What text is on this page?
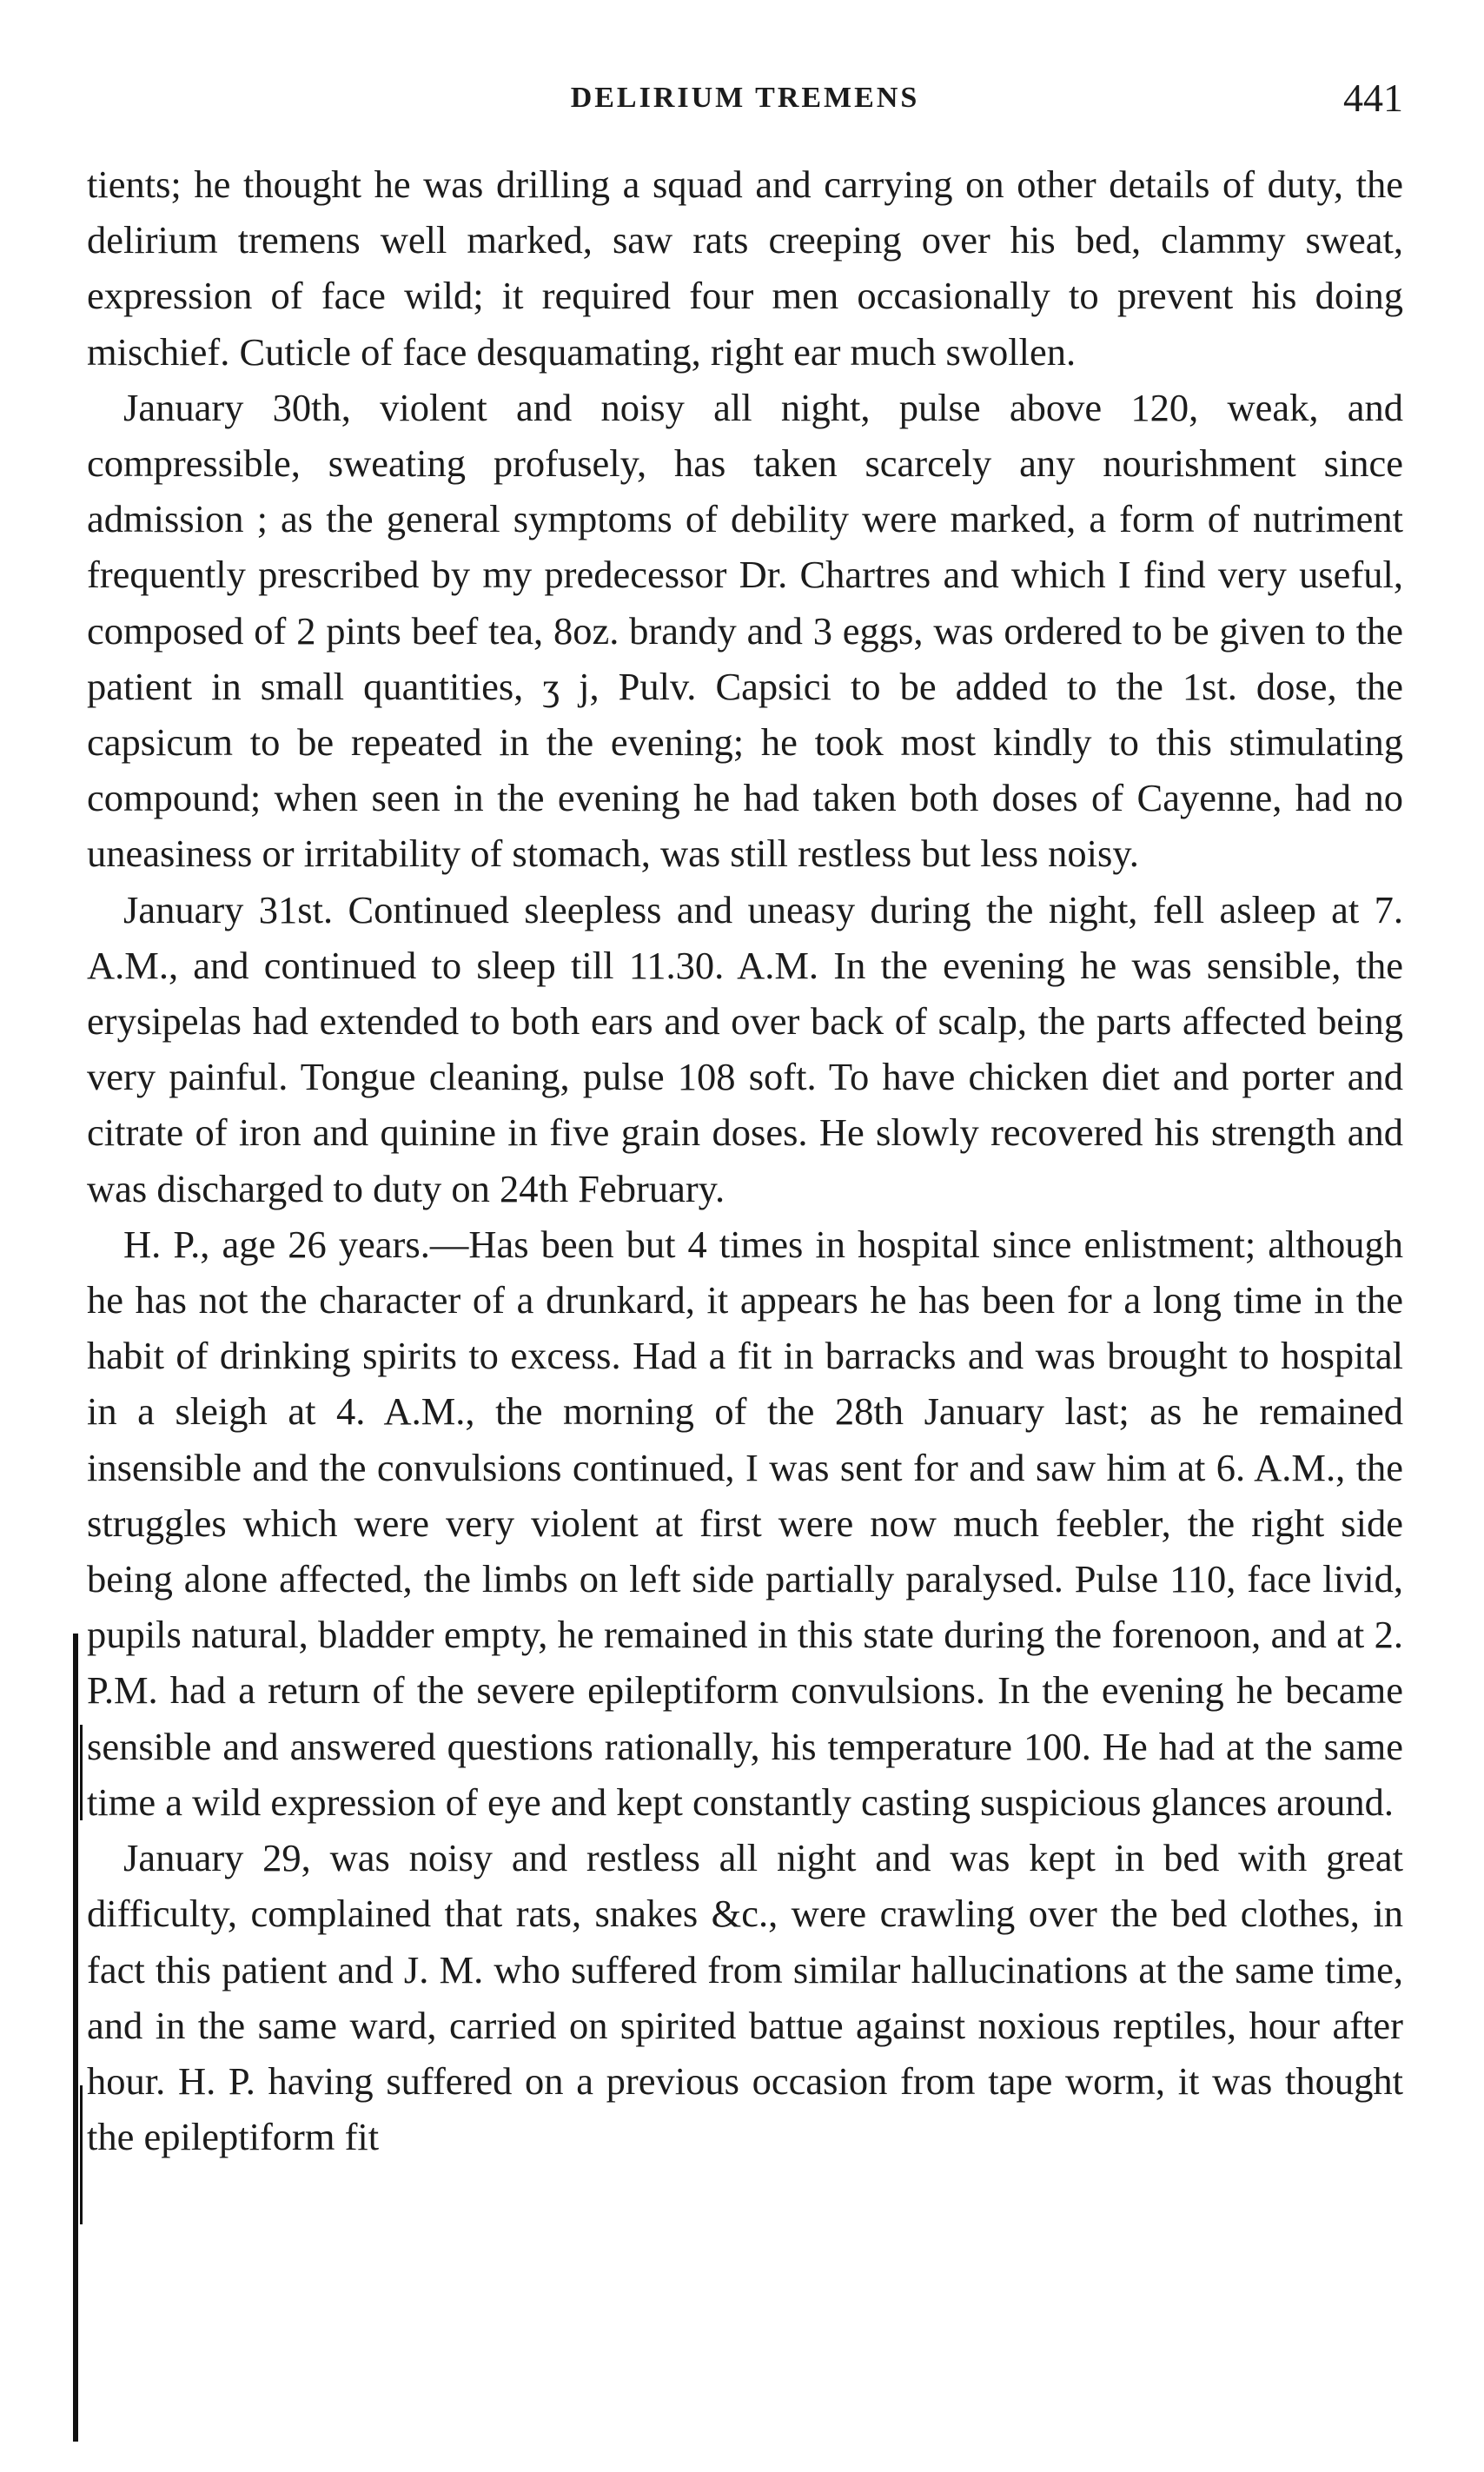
DELIRIUM TREMENS	441

tients; he thought he was drilling a squad and carrying on other details of duty, the delirium tremens well marked, saw rats creeping over his bed, clammy sweat, expression of face wild; it required four men occasionally to prevent his doing mischief. Cuticle of face desquamating, right ear much swollen.

January 30th, violent and noisy all night, pulse above 120, weak, and compressible, sweating profusely, has taken scarcely any nourishment since admission ; as the general symptoms of debility were marked, a form of nutriment frequently prescribed by my predecessor Dr. Chartres and which I find very useful, composed of 2 pints beef tea, 8oz. brandy and 3 eggs, was ordered to be given to the patient in small quantities, ʒ j, Pulv. Capsici to be added to the 1st. dose, the capsicum to be repeated in the evening; he took most kindly to this stimulating compound; when seen in the evening he had taken both doses of Cayenne, had no uneasiness or irritability of stomach, was still restless but less noisy.

January 31st. Continued sleepless and uneasy during the night, fell asleep at 7. A.M., and continued to sleep till 11.30. A.M. In the evening he was sensible, the erysipelas had extended to both ears and over back of scalp, the parts affected being very painful. Tongue cleaning, pulse 108 soft. To have chicken diet and porter and citrate of iron and quinine in five grain doses. He slowly recovered his strength and was discharged to duty on 24th February.

H. P., age 26 years.—Has been but 4 times in hospital since enlistment; although he has not the character of a drunkard, it appears he has been for a long time in the habit of drinking spirits to excess. Had a fit in barracks and was brought to hospital in a sleigh at 4. A.M., the morning of the 28th January last; as he remained insensible and the convulsions continued, I was sent for and saw him at 6. A.M., the struggles which were very violent at first were now much feebler, the right side being alone affected, the limbs on left side partially paralysed. Pulse 110, face livid, pupils natural, bladder empty, he remained in this state during the forenoon, and at 2. P.M. had a return of the severe epileptiform convulsions. In the evening he became sensible and answered questions rationally, his temperature 100. He had at the same time a wild expression of eye and kept constantly casting suspicious glances around.

January 29, was noisy and restless all night and was kept in bed with great difficulty, complained that rats, snakes &c., were crawling over the bed clothes, in fact this patient and J. M. who suffered from similar hallucinations at the same time, and in the same ward, carried on spirited battue against noxious reptiles, hour after hour. H. P. having suffered on a previous occasion from tape worm, it was thought the epileptiform fit
